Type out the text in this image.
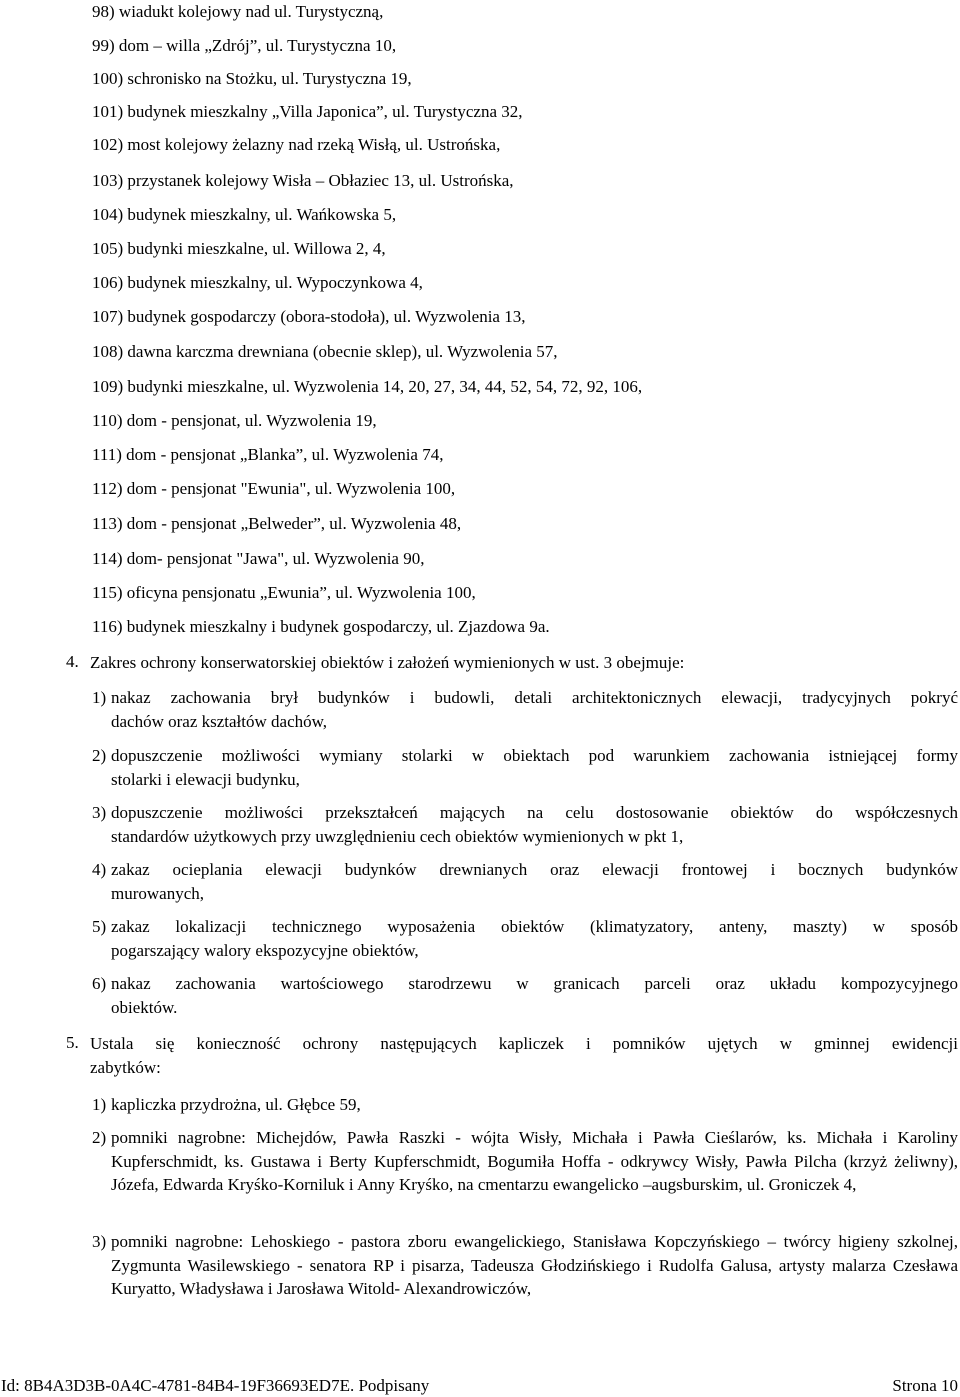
98) wiadukt kolejowy nad ul. Turystyczną,
99) dom – willa „Zdrój”, ul. Turystyczna 10,
100) schronisko na Stożku, ul. Turystyczna 19,
101) budynek mieszkalny „Villa Japonica”, ul. Turystyczna 32,
102) most kolejowy żelazny nad rzeką Wisłą, ul. Ustrońska,
103) przystanek kolejowy Wisła – Obłaziec 13, ul. Ustrońska,
104) budynek mieszkalny, ul. Wańkowska 5,
105) budynki mieszkalne, ul. Willowa 2, 4,
106) budynek mieszkalny, ul. Wypoczynkowa 4,
107) budynek gospodarczy (obora-stodoła), ul. Wyzwolenia 13,
108) dawna karczma drewniana (obecnie sklep), ul. Wyzwolenia 57,
109) budynki mieszkalne, ul. Wyzwolenia 14, 20, 27, 34, 44, 52, 54, 72, 92, 106,
110) dom - pensjonat, ul. Wyzwolenia 19,
111) dom - pensjonat „Blanka”, ul. Wyzwolenia 74,
112) dom - pensjonat "Ewunia", ul. Wyzwolenia 100,
113) dom - pensjonat „Belweder”, ul. Wyzwolenia 48,
114) dom- pensjonat "Jawa", ul. Wyzwolenia 90,
115) oficyna pensjonatu „Ewunia”, ul. Wyzwolenia 100,
116) budynek mieszkalny i budynek gospodarczy, ul. Zjazdowa 9a.
4. Zakres ochrony konserwatorskiej obiektów i założeń wymienionych w ust. 3 obejmuje:
1) nakaz zachowania brył budynków i budowli, detali architektonicznych elewacji, tradycyjnych pokryć
dachów oraz kształtów dachów,
2) dopuszczenie możliwości wymiany stolarki w obiektach pod warunkiem zachowania istniejącej formy
stolarki i elewacji budynku,
3) dopuszczenie możliwości przekształceń mających na celu dostosowanie obiektów do współczesnych
standardów użytkowych przy uwzględnieniu cech obiektów wymienionych w pkt 1,
4) zakaz ocieplania elewacji budynków drewnianych oraz elewacji frontowej i bocznych budynków
murowanych,
5) zakaz lokalizacji technicznego wyposażenia obiektów (klimatyzatory, anteny, maszty) w sposób
pogarszający walory ekspozycyjne obiektów,
6) nakaz zachowania wartościowego starodrzewu w granicach parceli oraz układu kompozycyjnego
obiektów.
5. Ustala się konieczność ochrony następujących kapliczek i pomników ujętych w gminnej ewidencji
zabytków:
1) kapliczka przydrożna, ul. Głębce 59,
2) pomniki nagrobne: Michejdów, Pawła Raszki - wójta Wisły, Michała i Pawła Cieślarów, ks. Michała i Karoliny Kupferschmidt, ks. Gustawa i Berty Kupferschmidt, Bogumiła Hoffa - odkrywcy Wisły, Pawła Pilcha (krzyż żeliwny), Józefa, Edwarda Kryśko-Korniluk i Anny Kryśko, na cmentarzu ewangelicko –augsburskim, ul. Groniczek 4,
3) pomniki nagrobne: Lehoskiego - pastora zboru ewangelickiego, Stanisława Kopczyńskiego – twórcy higieny szkolnej, Zygmunta Wasilewskiego - senatora RP i pisarza, Tadeusza Głodzińskiego i Rudolfa Galusa, artysty malarza Czesława Kuryatto, Władysława i Jarosława Witold- Alexandrowiczów,
Id: 8B4A3D3B-0A4C-4781-84B4-19F36693ED7E. Podpisany	Strona 10
